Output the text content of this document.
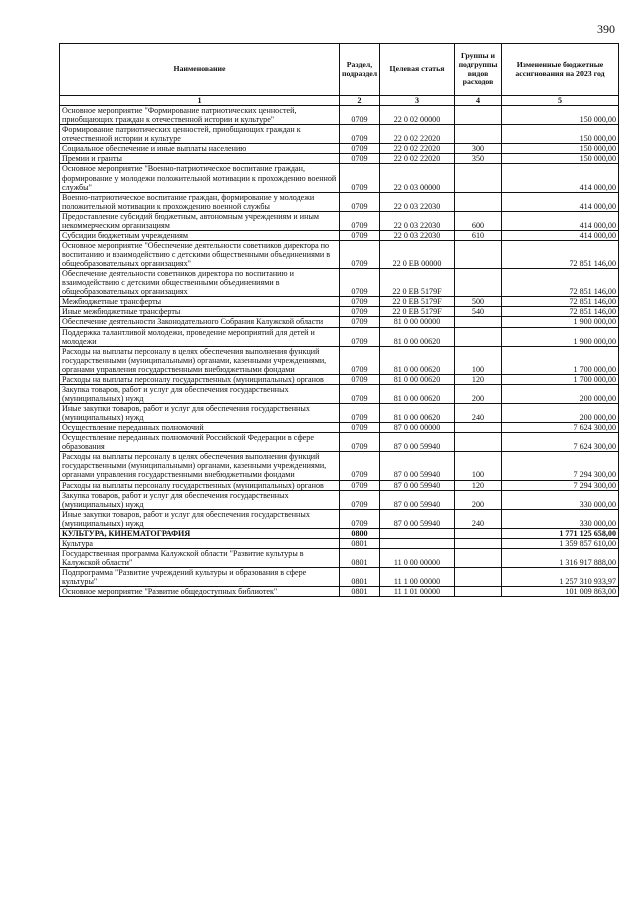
390
Наименование	Раздел, подраздел	Целевая статья	Группы и подгруппы видов расходов	Измененные бюджетные ассигнования на 2023 год
1	2	3	4	5
Основное мероприятие "Формирование патриотических ценностей, приобщающих граждан к отечественной истории и культуре"	0709	22 0 02 00000		150 000,00
Формирование патриотических ценностей, приобщающих граждан к отечественной истории и культуре	0709	22 0 02 22020		150 000,00
Социальное обеспечение и иные выплаты населению	0709	22 0 02 22020	300	150 000,00
Премии и гранты	0709	22 0 02 22020	350	150 000,00
Основное мероприятие "Военно-патриотическое воспитание граждан, формирование у молодежи положительной мотивации к прохождению военной службы"	0709	22 0 03 00000		414 000,00
Военно-патриотическое воспитание граждан, формирование у молодежи положительной мотивации к прохождению военной службы	0709	22 0 03 22030		414 000,00
Предоставление субсидий бюджетным, автономным учреждениям и иным некоммерческим организациям	0709	22 0 03 22030	600	414 000,00
Субсидии бюджетным учреждениям	0709	22 0 03 22030	610	414 000,00
Основное мероприятие "Обеспечение деятельности советников директора по воспитанию и взаимодействию с детскими общественными объединениями в общеобразовательных организациях"	0709	22 0 ЕВ 00000		72 851 146,00
Обеспечение деятельности советников директора по воспитанию и взаимодействию с детскими общественными объединениями в общеобразовательных организациях	0709	22 0 ЕВ 5179F		72 851 146,00
Межбюджетные трансферты	0709	22 0 ЕВ 5179F	500	72 851 146,00
Иные межбюджетные трансферты	0709	22 0 ЕВ 5179F	540	72 851 146,00
Обеспечение деятельности Законодательного Собрания Калужской области	0709	81 0 00 00000		1 900 000,00
Поддержка талантливой молодежи, проведение мероприятий для детей и молодежи	0709	81 0 00 00620		1 900 000,00
Расходы на выплаты персоналу в целях обеспечения выполнения функций государственными (муниципальными) органами, казенными учреждениями, органами управления государственными внебюджетными фондами	0709	81 0 00 00620	100	1 700 000,00
Расходы на выплаты персоналу государственных (муниципальных) органов	0709	81 0 00 00620	120	1 700 000,00
Закупка товаров, работ и услуг для обеспечения государственных (муниципальных) нужд	0709	81 0 00 00620	200	200 000,00
Иные закупки товаров, работ и услуг для обеспечения государственных (муниципальных) нужд	0709	81 0 00 00620	240	200 000,00
Осуществление переданных полномочий	0709	87 0 00 00000		7 624 300,00
Осуществление переданных полномочий Российской Федерации в сфере образования	0709	87 0 00 59940		7 624 300,00
Расходы на выплаты персоналу в целях обеспечения выполнения функций государственными (муниципальными) органами, казенными учреждениями, органами управления государственными внебюджетными фондами	0709	87 0 00 59940	100	7 294 300,00
Расходы на выплаты персоналу государственных (муниципальных) органов	0709	87 0 00 59940	120	7 294 300,00
Закупка товаров, работ и услуг для обеспечения государственных (муниципальных) нужд	0709	87 0 00 59940	200	330 000,00
Иные закупки товаров, работ и услуг для обеспечения государственных (муниципальных) нужд	0709	87 0 00 59940	240	330 000,00
КУЛЬТУРА, КИНЕМАТОГРАФИЯ	0800			1 771 125 658,00
Культура	0801			1 359 857 610,00
Государственная программа Калужской области "Развитие культуры в Калужской области"	0801	11 0 00 00000		1 316 917 888,00
Подпрограмма "Развитие учреждений культуры и образования в сфере культуры"	0801	11 1 00 00000		1 257 310 933,97
Основное мероприятие "Развитие общедоступных библиотек"	0801	11 1 01 00000		101 009 863,00
